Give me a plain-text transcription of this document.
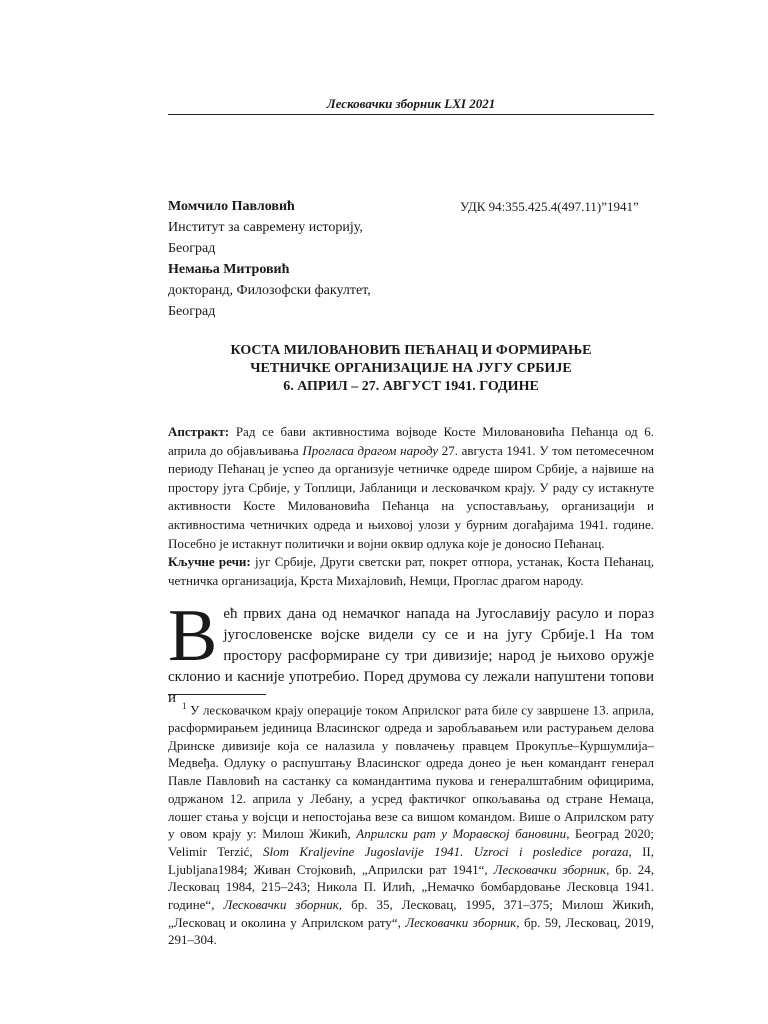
Лесковачки зборник LXI 2021
Момчило Павловић
Институт за савремену историју,
Београд
Немања Митровић
докторанд, Филозофски факултет,
Београд
УДК 94:355.425.4(497.11)”1941”
КОСТА МИЛОВАНОВИЋ ПЕЋАНАЦ И ФОРМИРАЊЕ
ЧЕТНИЧКЕ ОРГАНИЗАЦИЈЕ НА ЈУГУ СРБИЈЕ
6. АПРИЛ – 27. АВГУСТ 1941. ГОДИНЕ

Апстракт: Рад се бави активностима војводе Косте Миловановића Пећанца од 6. априла до објављивања Прогласа драгом народу 27. августа 1941. У том петомесечном периоду Пећанац је успео да организује четничке одреде широм Србије, а највише на простору југа Србије, у Топлици, Јабланици и лесковачком крају. У раду су истакнуте активности Косте Миловановића Пећанца на успостављању, организацији и активностима четничких одреда и њиховој улози у бурним догађајима 1941. године. Посебно је истакнут политички и војни оквир одлука које је доносио Пећанац.

Кључне речи: југ Србије, Други светски рат, покрет отпора, устанак, Коста Пећанац, четничка организација, Крста Михајловић, Немци, Проглас драгом народу.

Вeћ првих дана од немачког напада на Југославију расуло и пораз југословенске војске видели су се и на југу Србије.1 На том простору расформиране су три дивизије; народ је њихово оружје склонио и касније употребио. Поред друмова су лежали напуштени топови и $^1$ У лесковачком крају операције током Априлског рата биле су завршене 13. априла, расформирањем јединица Власинског одреда и заробљавањем или растурањем делова Дринске дивизије која се налазила у повлачењу правцем Прокупље–Куршумлија–Медвеђа. Одлуку о распуштању Власинског одреда донео је њен командант генерал Павле Павловић на састанку са командантима пукова и генералштабним официрима, одржаном 12. априла у Лебану, а усред фактичког опкољавања од стране Немаца, лошег стања у војсци и непостојања везе са вишом командом. Више о Априлском рату у овом крају у: Милош Жикић, Априлски рат у Моравској бановини, Београд 2020; Velimir Terzić, Slom Kraljevine Jugoslavije 1941. Uzroci i posledice poraza, II, Ljubljana1984; Живан Стојковић, „Априлски рат 1941“, Лесковачки зборник, бр. 24, Лесковац 1984, 215–243; Никола П. Илић, „Немачко бомбардовање Лесковца 1941. године“, Лесковачки зборник, бр. 35, Лесковац, 1995, 371–375; Милош Жикић, „Лесковац и околина у Априлском рату“, Лесковачки зборник, бр. 59, Лесковац, 2019, 291–304.
